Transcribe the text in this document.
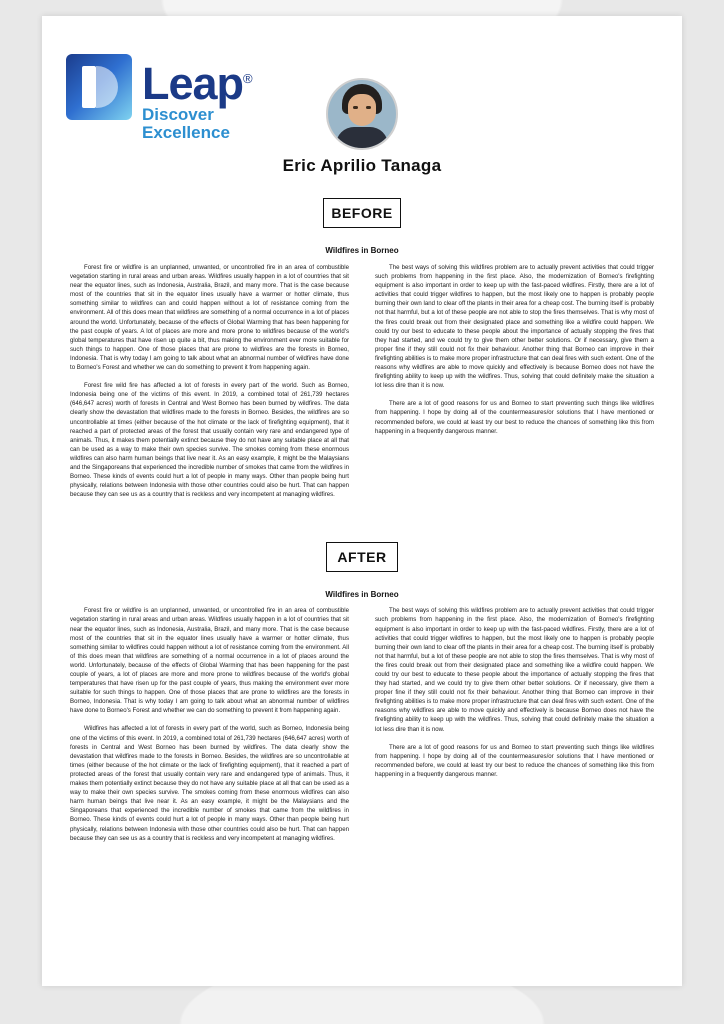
Leap®
Discover
Excellence
Eric Aprilio Tanaga
BEFORE
Wildfires in Borneo

Forest fire or wildfire is an unplanned, unwanted, or uncontrolled fire in an area of combustible vegetation starting in rural areas and urban areas. Wildfires usually happen in a lot of countries that sit near the equator lines, such as Indonesia, Australia, Brazil, and many more. That is the case because most of the countries that sit in the equator lines usually have a warmer or hotter climate, thus something similar to wildfires can and could happen without a lot of resistance coming from the environment. All of this does mean that wildfires are something of a normal occurrence in a lot of places around the world. Unfortunately, because of the effects of Global Warming that has been happening for the past couple of years. A lot of places are more and more prone to wildfires because of the world's global temperatures that have risen up quite a bit, thus making the environment ever more suitable for such things to happen. One of those places that are prone to wildfires are the forests in Borneo, Indonesia. That is why today I am going to talk about what an abnormal number of wildfires have done to Borneo's Forest and whether we can do something to prevent it from happening again.

Forest fire wild fire has affected a lot of forests in every part of the world. Such as Borneo, Indonesia being one of the victims of this event. In 2019, a combined total of 261,739 hectares (646,647 acres) worth of forests in Central and West Borneo has been burned by wildfires. The data clearly show the devastation that wildfires made to the forests in Borneo. Besides, the wildfires are so uncontrollable at times (either because of the hot climate or the lack of firefighting equipment), that it reached a part of protected areas of the forest that usually contain very rare and endangered type of animals. Thus, it makes them potentially extinct because they do not have any suitable place at all that can be used as a way to make their own species survive. The smokes coming from these enormous wildfires can also harm human beings that live near it. As an easy example, it might be the Malaysians and the Singaporeans that experienced the incredible number of smokes that came from the wildfires in Borneo. These kinds of events could hurt a lot of people in many ways. Other than people being hurt physically, relations between Indonesia with those other countries could also be hurt. That can happen because they can see us as a country that is reckless and very incompetent at managing wildfires.

The best ways of solving this wildfires problem are to actually prevent activities that could trigger such problems from happening in the first place. Also, the modernization of Borneo's firefighting equipment is also important in order to keep up with the fast-paced wildfires. Firstly, there are a lot of activities that could trigger wildfires to happen, but the most likely one to happen is probably people burning their own land to clear off the plants in their area for a cheap cost. The burning itself is probably not that harmful, but a lot of these people are not able to stop the fires themselves. That is why most of the fires could break out from their designated place and something like a wildfire could happen. We could try our best to educate to these people about the importance of actually stopping the fires that they had started, and we could try to give them other better solutions. Or if necessary, give them a proper fine if they still could not fix their behaviour. Another thing that Borneo can improve in their firefighting abilities is to make more proper infrastructure that can deal fires with such extent. One of the reasons why wildfires are able to move quickly and effectively is because Borneo does not have the firefighting ability to keep up with the wildfires. Thus, solving that could definitely make the situation a lot less dire than it is now.

There are a lot of good reasons for us and Borneo to start preventing such things like wildfires from happening. I hope by doing all of the countermeasures/or solutions that I have mentioned or recommended before, we could at least try our best to reduce the chances of something like this from happening in a frequently dangerous manner.

AFTER
Wildfires in Borneo

Forest fire or wildfire is an unplanned, unwanted, or uncontrolled fire in an area of combustible vegetation starting in rural areas and urban areas. Wildfires usually happen in a lot of countries that sit near the equator lines, such as Indonesia, Australia, Brazil, and many more. That is the case because most of the countries that sit in the equator lines usually have a warmer or hotter climate, thus something similar to wildfires could happen without a lot of resistance coming from the environment. All of this does mean that wildfires are something of a normal occurrence in a lot of places around the world. Unfortunately, because of the effects of Global Warming that has been happening for the past couple of years, a lot of places are more and more prone to wildfires because of the world's global temperatures that have risen up for the past couple of years, thus making the environment ever more suitable for such things to happen. One of those places that are prone to wildfires are the forests in Borneo, Indonesia. That is why today I am going to talk about what an abnormal number of wildfires have done to Borneo's Forest and whether we can do something to prevent it from happening again.

Wildfires has affected a lot of forests in every part of the world, such as Borneo, Indonesia being one of the victims of this event. In 2019, a combined total of 261,739 hectares (646,647 acres) worth of forests in Central and West Borneo has been burned by wildfires. The data clearly show the devastation that wildfires made to the forests in Borneo. Besides, the wildfires are so uncontrollable at times (either because of the hot climate or the lack of firefighting equipment), that it reached a part of protected areas of the forest that usually contain very rare and endangered type of animals. Thus, it makes them potentially extinct because they do not have any suitable place at all that can be used as a way to make their own species survive. The smokes coming from these enormous wildfires can also harm human beings that live near it. As an easy example, it might be the Malaysians and the Singaporeans that experienced the incredible number of smokes that came from the wildfires in Borneo. These kinds of events could hurt a lot of people in many ways. Other than people being hurt physically, relations between Indonesia with those other countries could also be hurt. That can happen because they can see us as a country that is reckless and very incompetent at managing wildfires.

The best ways of solving this wildfires problem are to actually prevent activities that could trigger such problems from happening in the first place. Also, the modernization of Borneo's firefighting equipment is also important in order to keep up with the fast-paced wildfires. Firstly, there are a lot of activities that could trigger wildfires to happen, but the most likely one to happen is probably people burning their own land to clear off the plants in their area for a cheap cost. The burning itself is probably not that harmful, but a lot of these people are not able to stop the fires themselves. That is why most of the fires could break out from their designated place and something like a wildfire could happen. We could try our best to educate to these people about the importance of actually stopping the fires that they had started, and we could try to give them other better solutions. Or if necessary, give them a proper fine if they still could not fix their behaviour. Another thing that Borneo can improve in their firefighting abilities is to make more proper infrastructure that can deal fires with such extent. One of the reasons why wildfires are able to move quickly and effectively is because Borneo does not have the firefighting ability to keep up with the wildfires. Thus, solving that could definitely make the situation a lot less dire than it is now.

There are a lot of good reasons for us and Borneo to start preventing such things like wildfires from happening. I hope by doing all of the countermeasures/or solutions that I have mentioned or recommended before, we could at least try our best to reduce the chances of something like this from happening in a frequently dangerous manner.
